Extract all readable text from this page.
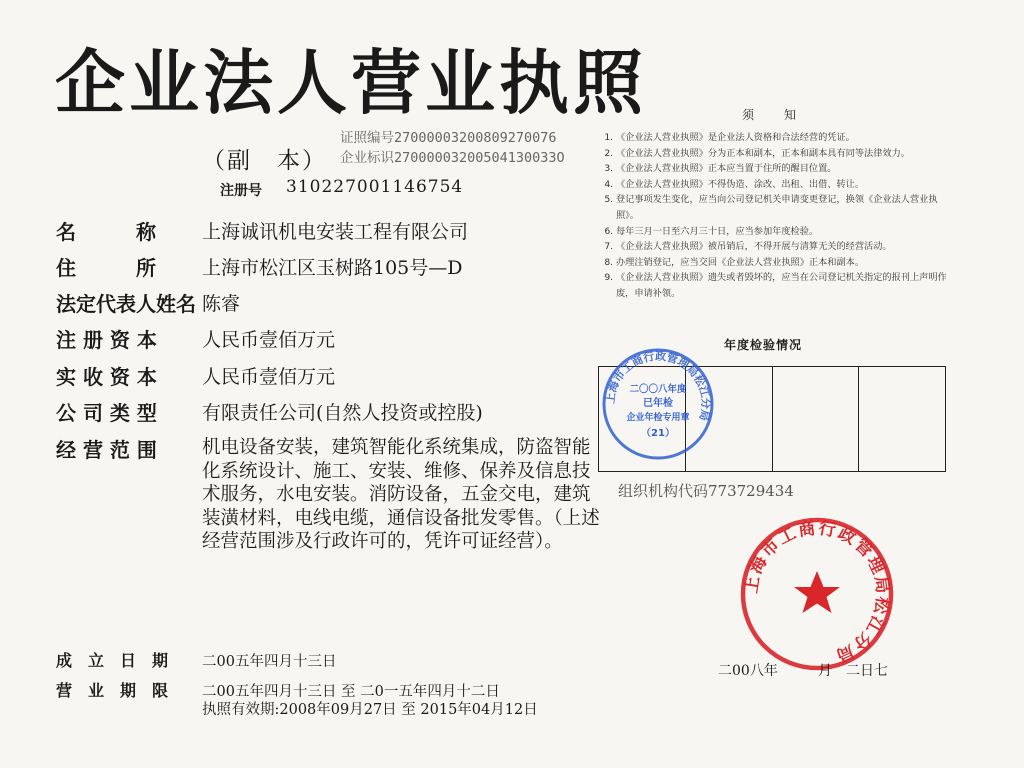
企业法人营业执照
（副　本）
证照编号27000003200809270076
企业标识27000003200504130033O
注册号 310227001146754
名　　　称 上海诚讯机电安装工程有限公司
住　　　所 上海市松江区玉树路105号—D
法定代表人姓名 陈睿
注 册 资 本 人民币壹佰万元
实 收 资 本 人民币壹佰万元
公 司 类 型 有限责任公司(自然人投资或控股)
经 营 范 围 机电设备安装，建筑智能化系统集成，防盗智能化系统设计、施工、安装、维修、保养及信息技术服务，水电安装。消防设备，五金交电，建筑装潢材料，电线电缆，通信设备批发零售。（上述经营范围涉及行政许可的，凭许可证经营）。
须知
1. 《企业法人营业执照》是企业法人资格和合法经营的凭证。
2. 《企业法人营业执照》分为正本和副本，正本和副本具有同等法律效力。
3. 《企业法人营业执照》正本应当置于住所的醒目位置。
4. 《企业法人营业执照》不得伪造、涂改、出租、出借、转让。
5. 登记事项发生变化，应当向公司登记机关申请变更登记，换领《企业法人营业执照》。
6. 每年三月一日至六月三十日，应当参加年度检验。
7. 《企业法人营业执照》被吊销后，不得开展与清算无关的经营活动。
8. 办理注销登记，应当交回《企业法人营业执照》正本和副本。
9. 《企业法人营业执照》遗失或者毁坏的，应当在公司登记机关指定的报刊上声明作废，申请补领。
年度检验情况
上海市工商行政管理局松江分局
二〇〇八年度
已年检
企业年检专用章
（21）
组织机构代码773729434
上海市工商行政管理局松江分局
成　立　日　期 二00五年四月十三日
营　业　期　限 二00五年四月十三日 至 二0一五年四月十二日
执照有效期:2008年09月27日 至 2015年04月12日
二00八年	月 二日七
